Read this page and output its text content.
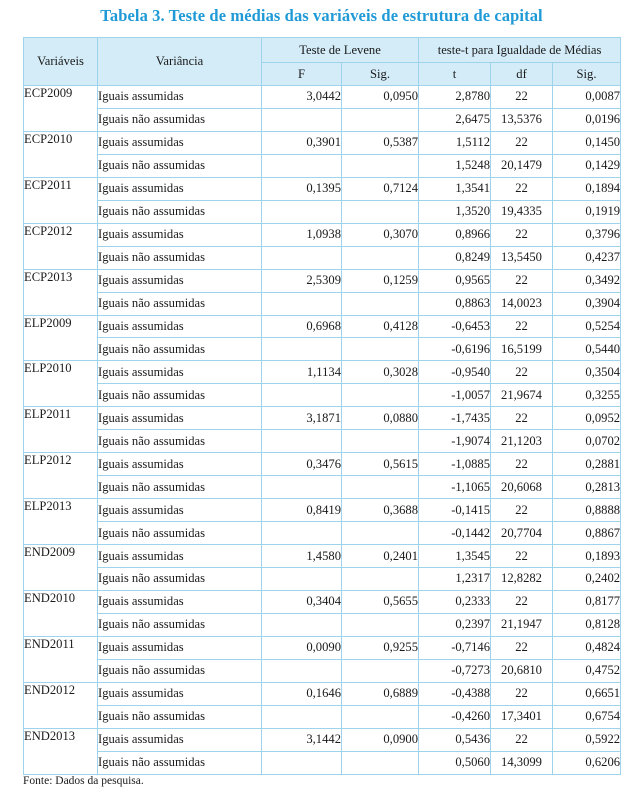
Tabela 3. Teste de médias das variáveis de estrutura de capital
Variáveis	Variância	Teste de Levene		teste-t para Igualdade de Médias		
		F	Sig.	t	df	Sig.
ECP2009	Iguais assumidas	3,0442	0,0950	2,8780	22	0,0087
	Iguais não assumidas			2,6475	13,5376	0,0196
ECP2010	Iguais assumidas	0,3901	0,5387	1,5112	22	0,1450
	Iguais não assumidas			1,5248	20,1479	0,1429
ECP2011	Iguais assumidas	0,1395	0,7124	1,3541	22	0,1894
	Iguais não assumidas			1,3520	19,4335	0,1919
ECP2012	Iguais assumidas	1,0938	0,3070	0,8966	22	0,3796
	Iguais não assumidas			0,8249	13,5450	0,4237
ECP2013	Iguais assumidas	2,5309	0,1259	0,9565	22	0,3492
	Iguais não assumidas			0,8863	14,0023	0,3904
ELP2009	Iguais assumidas	0,6968	0,4128	-0,6453	22	0,5254
	Iguais não assumidas			-0,6196	16,5199	0,5440
ELP2010	Iguais assumidas	1,1134	0,3028	-0,9540	22	0,3504
	Iguais não assumidas			-1,0057	21,9674	0,3255
ELP2011	Iguais assumidas	3,1871	0,0880	-1,7435	22	0,0952
	Iguais não assumidas			-1,9074	21,1203	0,0702
ELP2012	Iguais assumidas	0,3476	0,5615	-1,0885	22	0,2881
	Iguais não assumidas			-1,1065	20,6068	0,2813
ELP2013	Iguais assumidas	0,8419	0,3688	-0,1415	22	0,8888
	Iguais não assumidas			-0,1442	20,7704	0,8867
END2009	Iguais assumidas	1,4580	0,2401	1,3545	22	0,1893
	Iguais não assumidas			1,2317	12,8282	0,2402
END2010	Iguais assumidas	0,3404	0,5655	0,2333	22	0,8177
	Iguais não assumidas			0,2397	21,1947	0,8128
END2011	Iguais assumidas	0,0090	0,9255	-0,7146	22	0,4824
	Iguais não assumidas			-0,7273	20,6810	0,4752
END2012	Iguais assumidas	0,1646	0,6889	-0,4388	22	0,6651
	Iguais não assumidas			-0,4260	17,3401	0,6754
END2013	Iguais assumidas	3,1442	0,0900	0,5436	22	0,5922
	Iguais não assumidas			0,5060	14,3099	0,6206
Fonte: Dados da pesquisa.
